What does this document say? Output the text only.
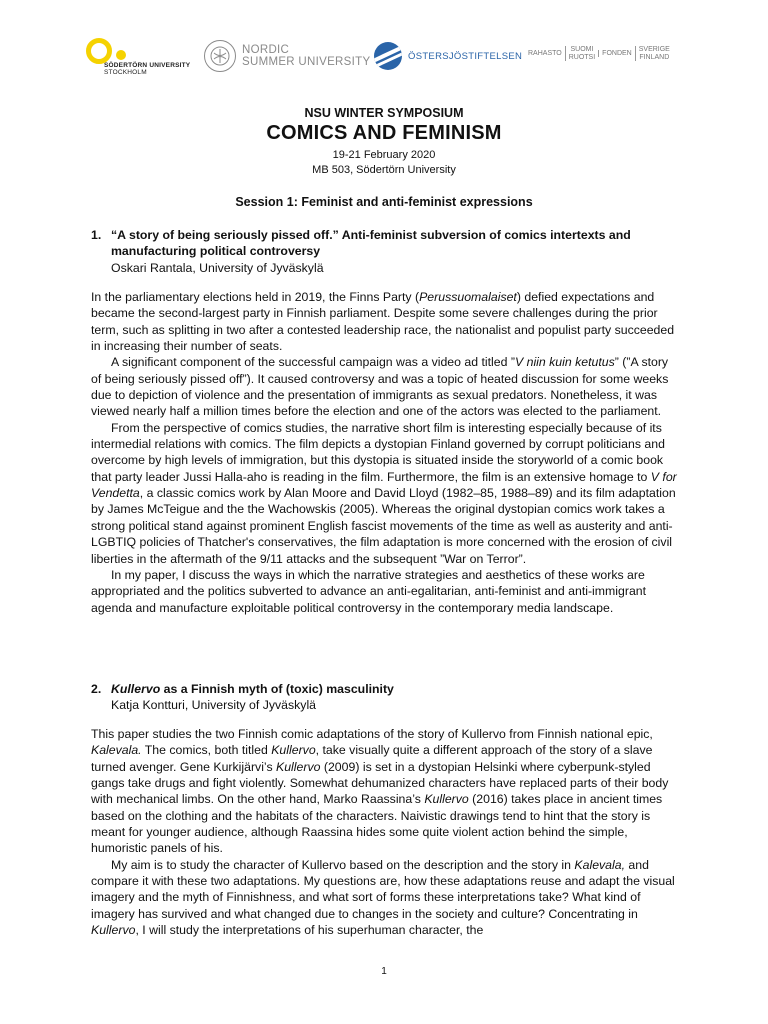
SÖDERTÖRN UNIVERSITY
STOCKHOLM
NORDIC
SUMMER UNIVERSITY	ÖSTERSJÖSTIFTELSEN RAHASTO
SUOMI
RUOTSI
FONDEN
SVERIGE
FINLAND
NSU WINTER SYMPOSIUM
COMICS AND FEMINISM
19-21 February 2020
MB 503, Södertörn University
Session 1: Feminist and anti-feminist expressions
1. “A story of being seriously pissed off.” Anti-feminist subversion of comics intertexts and manufacturing political controversy
Oskari Rantala, University of Jyväskylä

In the parliamentary elections held in 2019, the Finns Party (Perussuomalaiset) defied expectations and became the second-largest party in Finnish parliament. Despite some severe challenges during the prior term, such as splitting in two after a contested leadership race, the nationalist and populist party succeeded in increasing their number of seats.

A significant component of the successful campaign was a video ad titled ”V niin kuin ketutus” (”A story of being seriously pissed off”). It caused controversy and was a topic of heated discussion for some weeks due to depiction of violence and the presentation of immigrants as sexual predators. Nonetheless, it was viewed nearly half a million times before the election and one of the actors was elected to the parliament.

From the perspective of comics studies, the narrative short film is interesting especially because of its intermedial relations with comics. The film depicts a dystopian Finland governed by corrupt politicians and overcome by high levels of immigration, but this dystopia is situated inside the storyworld of a comic book that party leader Jussi Halla-aho is reading in the film. Furthermore, the film is an extensive homage to V for Vendetta, a classic comics work by Alan Moore and David Lloyd (1982–85, 1988–89) and its film adaptation by James McTeigue and the the Wachowskis (2005). Whereas the original dystopian comics work takes a strong political stand against prominent English fascist movements of the time as well as austerity and anti-LGBTIQ policies of Thatcher's conservatives, the film adaptation is more concerned with the erosion of civil liberties in the aftermath of the 9/11 attacks and the subsequent ”War on Terror”.

In my paper, I discuss the ways in which the narrative strategies and aesthetics of these works are appropriated and the politics subverted to advance an anti-egalitarian, anti-feminist and anti-immigrant agenda and manufacture exploitable political controversy in the contemporary media landscape.

2. Kullervo as a Finnish myth of (toxic) masculinity
Katja Kontturi, University of Jyväskylä

This paper studies the two Finnish comic adaptations of the story of Kullervo from Finnish national epic, Kalevala. The comics, both titled Kullervo, take visually quite a different approach of the story of a slave turned avenger. Gene Kurkijärvi’s Kullervo (2009) is set in a dystopian Helsinki where cyberpunk-styled gangs take drugs and fight violently. Somewhat dehumanized characters have replaced parts of their body with mechanical limbs. On the other hand, Marko Raassina’s Kullervo (2016) takes place in ancient times based on the clothing and the habitats of the characters. Naivistic drawings tend to hint that the story is meant for younger audience, although Raassina hides some quite violent action behind the simple, humoristic panels of his.

My aim is to study the character of Kullervo based on the description and the story in Kalevala, and compare it with these two adaptations. My questions are, how these adaptations reuse and adapt the visual imagery and the myth of Finnishness, and what sort of forms these interpretations take? What kind of imagery has survived and what changed due to changes in the society and culture? Concentrating in Kullervo, I will study the interpretations of his superhuman character, the

1
